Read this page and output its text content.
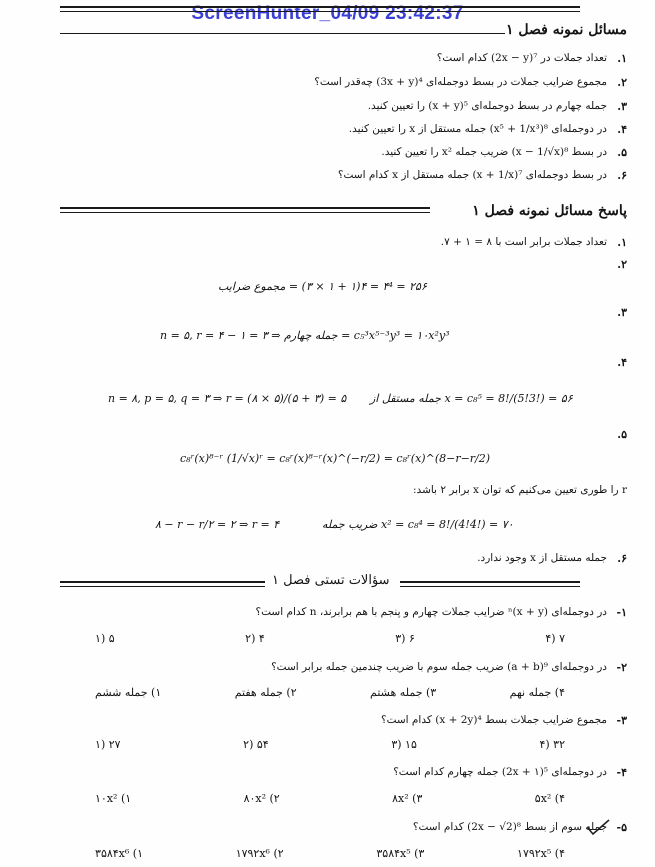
ScreenHunter_04/09 23:42:37
مسائل نمونه فصل ۱
.۱
تعداد جملات در ⁷(2x − y) کدام است؟
.۲
مجموع ضرایب جملات در بسط دوجمله‌ای ⁴(3x + y) چه‌قدر است؟
.۳
جمله چهارم در بسط دوجمله‌ای ⁵(x + y) را تعیین کنید.
.۴
در دوجمله‌ای ⁸(x⁵ + 1/x³) جمله مستقل از x را تعیین کنید.
.۵
در بسط ⁸(x − 1/√x) ضریب جمله x² را تعیین کنید.
.۶
در بسط دوجمله‌ای ⁷(x + 1/x) جمله مستقل از x کدام است؟
پاسخ مسائل نمونه فصل ۱
.۱
تعداد جملات برابر است با ۸ = ۱ + ۷.
.۲
۲۵۶ = ۴⁴ = ۴(۱ + ۱ × ۳) = مجموع ضرایب
.۳
n = ۵, r = ۴ − ۱ = ۳ ⇒ جمله چهارم = c₅³x⁵⁻³y³ = ۱۰x²y³
.۴
n = ۸, p = ۵, q = ۳ ⇒ r = (۸ × ۵)/(۵ + ۳) = ۵ جمله مستقل از x = c₈⁵ = 8!/(5!3!) = ۵۶
.۵
c₈ʳ(x)⁸⁻ʳ (1/√x)ʳ = c₈ʳ(x)⁸⁻ʳ(x)^(−r/2) = c₈ʳ(x)^(8−r−r/2)
r را طوری تعیین می‌کنیم که توان x برابر ۲ باشد:
۸ − r − r/۲ = ۲ ⇒ r = ۴	ضریب جمله x² = c₈⁴ = 8!/(4!4!) = ۷۰
.۶
جمله مستقل از x وجود ندارد.
سؤالات تستی فصل ۱
-۱
در دوجمله‌ای ⁿ(x + y) ضرایب جملات چهارم و پنجم با هم برابرند، n کدام است؟
۵ (۱	۴ (۲	۶ (۳	۷ (۴
-۲
در دوجمله‌ای ⁹(a + b) ضریب جمله سوم با ضریب چندمین جمله برابر است؟
۱) جمله ششم	۲) جمله هفتم	۳) جمله هشتم	۴) جمله نهم
-۳
مجموع ضرایب جملات بسط ⁴(x + 2y) کدام است؟
۲۷ (۱	۵۴ (۲	۱۵ (۳	۳۲ (۴
-۴
در دوجمله‌ای ⁵(2x + ۱) جمله چهارم کدام است؟
۱۰x² (۱	۸۰x² (۲	۸x² (۳	۵x² (۴
-۵
جمله سوم از بسط ⁸(2x − √2) کدام است؟
۳۵۸۴x⁶ (۱	۱۷۹۲x⁶ (۲	۳۵۸۴x⁵ (۳	۱۷۹۲x⁵ (۴
